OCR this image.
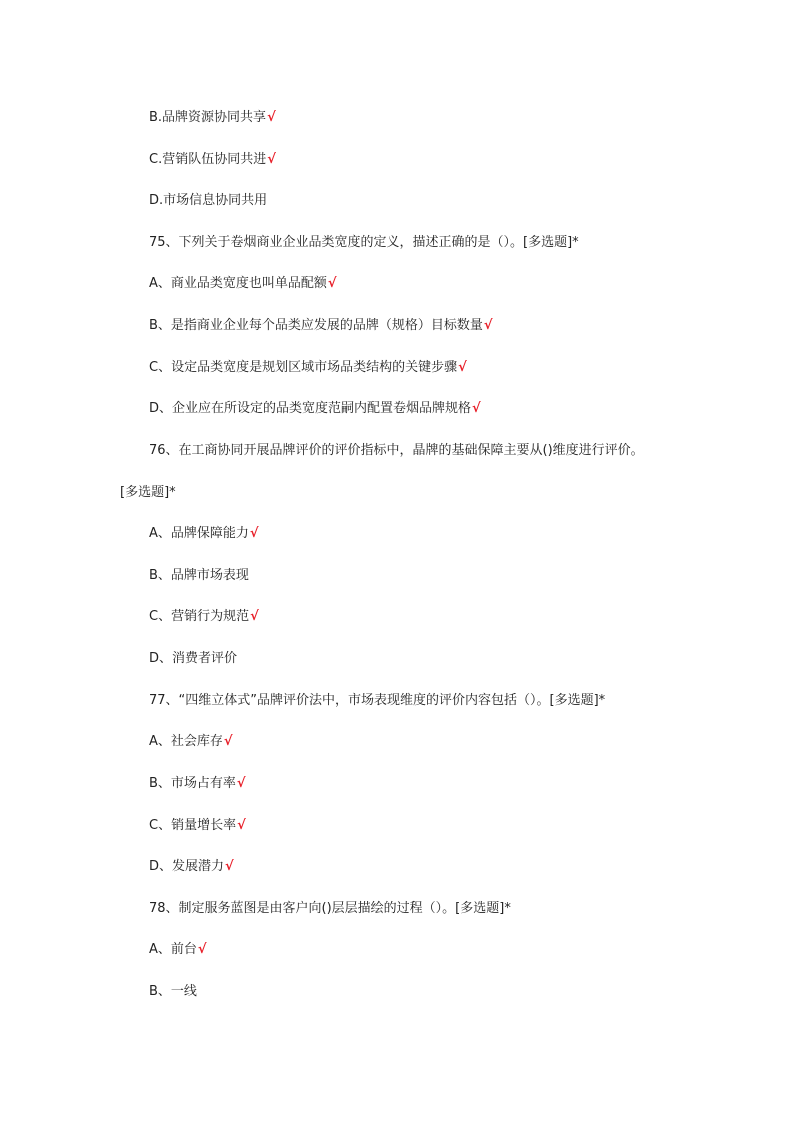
B.品牌资源协同共享√
C.营销队伍协同共进√
D.市场信息协同共用
75、下列关于卷烟商业企业品类宽度的定义，描述正确的是（）。[多选题]*
A、商业品类宽度也叫单品配额√
B、是指商业企业每个品类应发展的品牌（规格）目标数量√
C、设定品类宽度是规划区域市场品类结构的关键步骤√
D、企业应在所设定的品类宽度范嗣内配置卷烟品牌规格√
76、在工商协同开展品牌评价的评价指标中，晶牌的基础保障主要从()维度进行评价。
[多选题]*
A、品牌保障能力√
B、品牌市场表现
C、营销行为规范√
D、消费者评价
77、“四维立体式”品牌评价法中，市场表现维度的评价内容包括（）。[多选题]*
A、社会库存√
B、市场占有率√
C、销量增长率√
D、发展潜力√
78、制定服务蓝图是由客户向()层层描绘的过程（）。[多选题]*
A、前台√
B、一线
